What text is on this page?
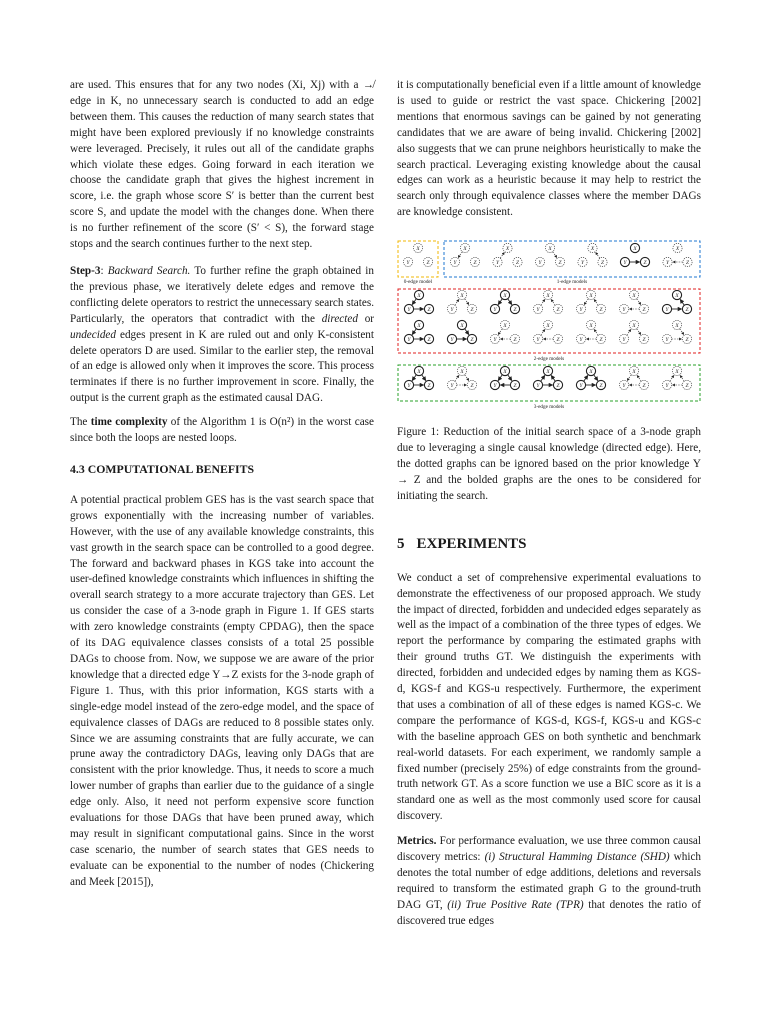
are used. This ensures that for any two nodes (Xi, Xj) with a ↛ edge in K, no unnecessary search is conducted to add an edge between them. This causes the reduction of many search states that might have been explored previously if no knowledge constraints were leveraged. Precisely, it rules out all of the candidate graphs which violate these edges. Going forward in each iteration we choose the candidate graph that gives the highest increment in score, i.e. the graph whose score S′ is better than the current best score S, and update the model with the changes done. When there is no further refinement of the score (S′ < S), the forward stage stops and the search continues further to the next step.

Step-3: Backward Search. To further refine the graph obtained in the previous phase, we iteratively delete edges and remove the conflicting delete operators to restrict the unnecessary search states. Particularly, the operators that contradict with the directed or undecided edges present in K are ruled out and only K-consistent delete operators D are used. Similar to the earlier step, the removal of an edge is allowed only when it improves the score. This process terminates if there is no further improvement in score. Finally, the output is the current graph as the estimated causal DAG.

The time complexity of the Algorithm 1 is O(n²) in the worst case since both the loops are nested loops.

4.3 COMPUTATIONAL BENEFITS

A potential practical problem GES has is the vast search space that grows exponentially with the increasing number of variables. However, with the use of any available knowledge constraints, this vast growth in the search space can be controlled to a good degree. The forward and backward phases in KGS take into account the user-defined knowledge constraints which influences in shifting the overall search strategy to a more accurate trajectory than GES. Let us consider the case of a 3-node graph in Figure 1. If GES starts with zero knowledge constraints (empty CPDAG), then the space of its DAG equivalence classes consists of a total 25 possible DAGs to choose from. Now, we suppose we are aware of the prior knowledge that a directed edge Y→Z exists for the 3-node graph of Figure 1. Thus, with this prior information, KGS starts with a single-edge model instead of the zero-edge model, and the space of equivalence classes of DAGs are reduced to 8 possible states only. Since we are assuming constraints that are fully accurate, we can prune away the contradictory DAGs, leaving only DAGs that are consistent with the prior knowledge. Thus, it needs to score a much lower number of graphs than earlier due to the guidance of a single edge only. Also, it need not perform expensive score function evaluations for those DAGs that have been pruned away, which may result in significant computational gains. Since in the worst case scenario, the number of search states that GES needs to evaluate can be exponential to the number of nodes (Chickering and Meek [2015]),

it is computationally beneficial even if a little amount of knowledge is used to guide or restrict the vast space. Chickering [2002] mentions that enormous savings can be gained by not generating candidates that we are aware of being invalid. Chickering [2002] also suggests that we can prune neighbors heuristically to make the search practical. Leveraging existing knowledge about the causal edges can work as a heuristic because it may help to restrict the search only through equivalence classes where the member DAGs are knowledge consistent.

0-edge model
X
Y	Z
1-edge models
X
Y	Z
X
Y	Z
X
Y	Z
X
Y	Z
X
Y	Z
X
Y	Z
2-edge models
X
Y	Z
X
Y	Z
X
Y	Z
X
Y	Z
X
Y	Z
X
Y	Z
X
Y	Z
X
Y	Z
X
Y	Z
X
Y	Z
X
Y	Z
X
Y	Z
X
Y	Z
X
Y	Z
3-edge models
X
Y	Z
X
Y	Z
X
Y	Z
X
Y	Z
X
Y	Z
X
Y	Z
X
Y	Z

Figure 1: Reduction of the initial search space of a 3-node graph due to leveraging a single causal knowledge (directed edge). Here, the dotted graphs can be ignored based on the prior knowledge Y → Z and the bolded graphs are the ones to be considered for initiating the search.

5 EXPERIMENTS

We conduct a set of comprehensive experimental evaluations to demonstrate the effectiveness of our proposed approach. We study the impact of directed, forbidden and undecided edges separately as well as the impact of a combination of the three types of edges. We report the performance by comparing the estimated graphs with their ground truths GT. We distinguish the experiments with directed, forbidden and undecided edges by naming them as KGS-d, KGS-f and KGS-u respectively. Furthermore, the experiment that uses a combination of all of these edges is named KGS-c. We compare the performance of KGS-d, KGS-f, KGS-u and KGS-c with the baseline approach GES on both synthetic and benchmark real-world datasets. For each experiment, we randomly sample a fixed number (precisely 25%) of edge constraints from the ground-truth network GT. As a score function we use a BIC score as it is a standard one as well as the most commonly used score for causal discovery.

Metrics. For performance evaluation, we use three common causal discovery metrics: (i) Structural Hamming Distance (SHD) which denotes the total number of edge additions, deletions and reversals required to transform the estimated graph G to the ground-truth DAG GT, (ii) True Positive Rate (TPR) that denotes the ratio of discovered true edges
